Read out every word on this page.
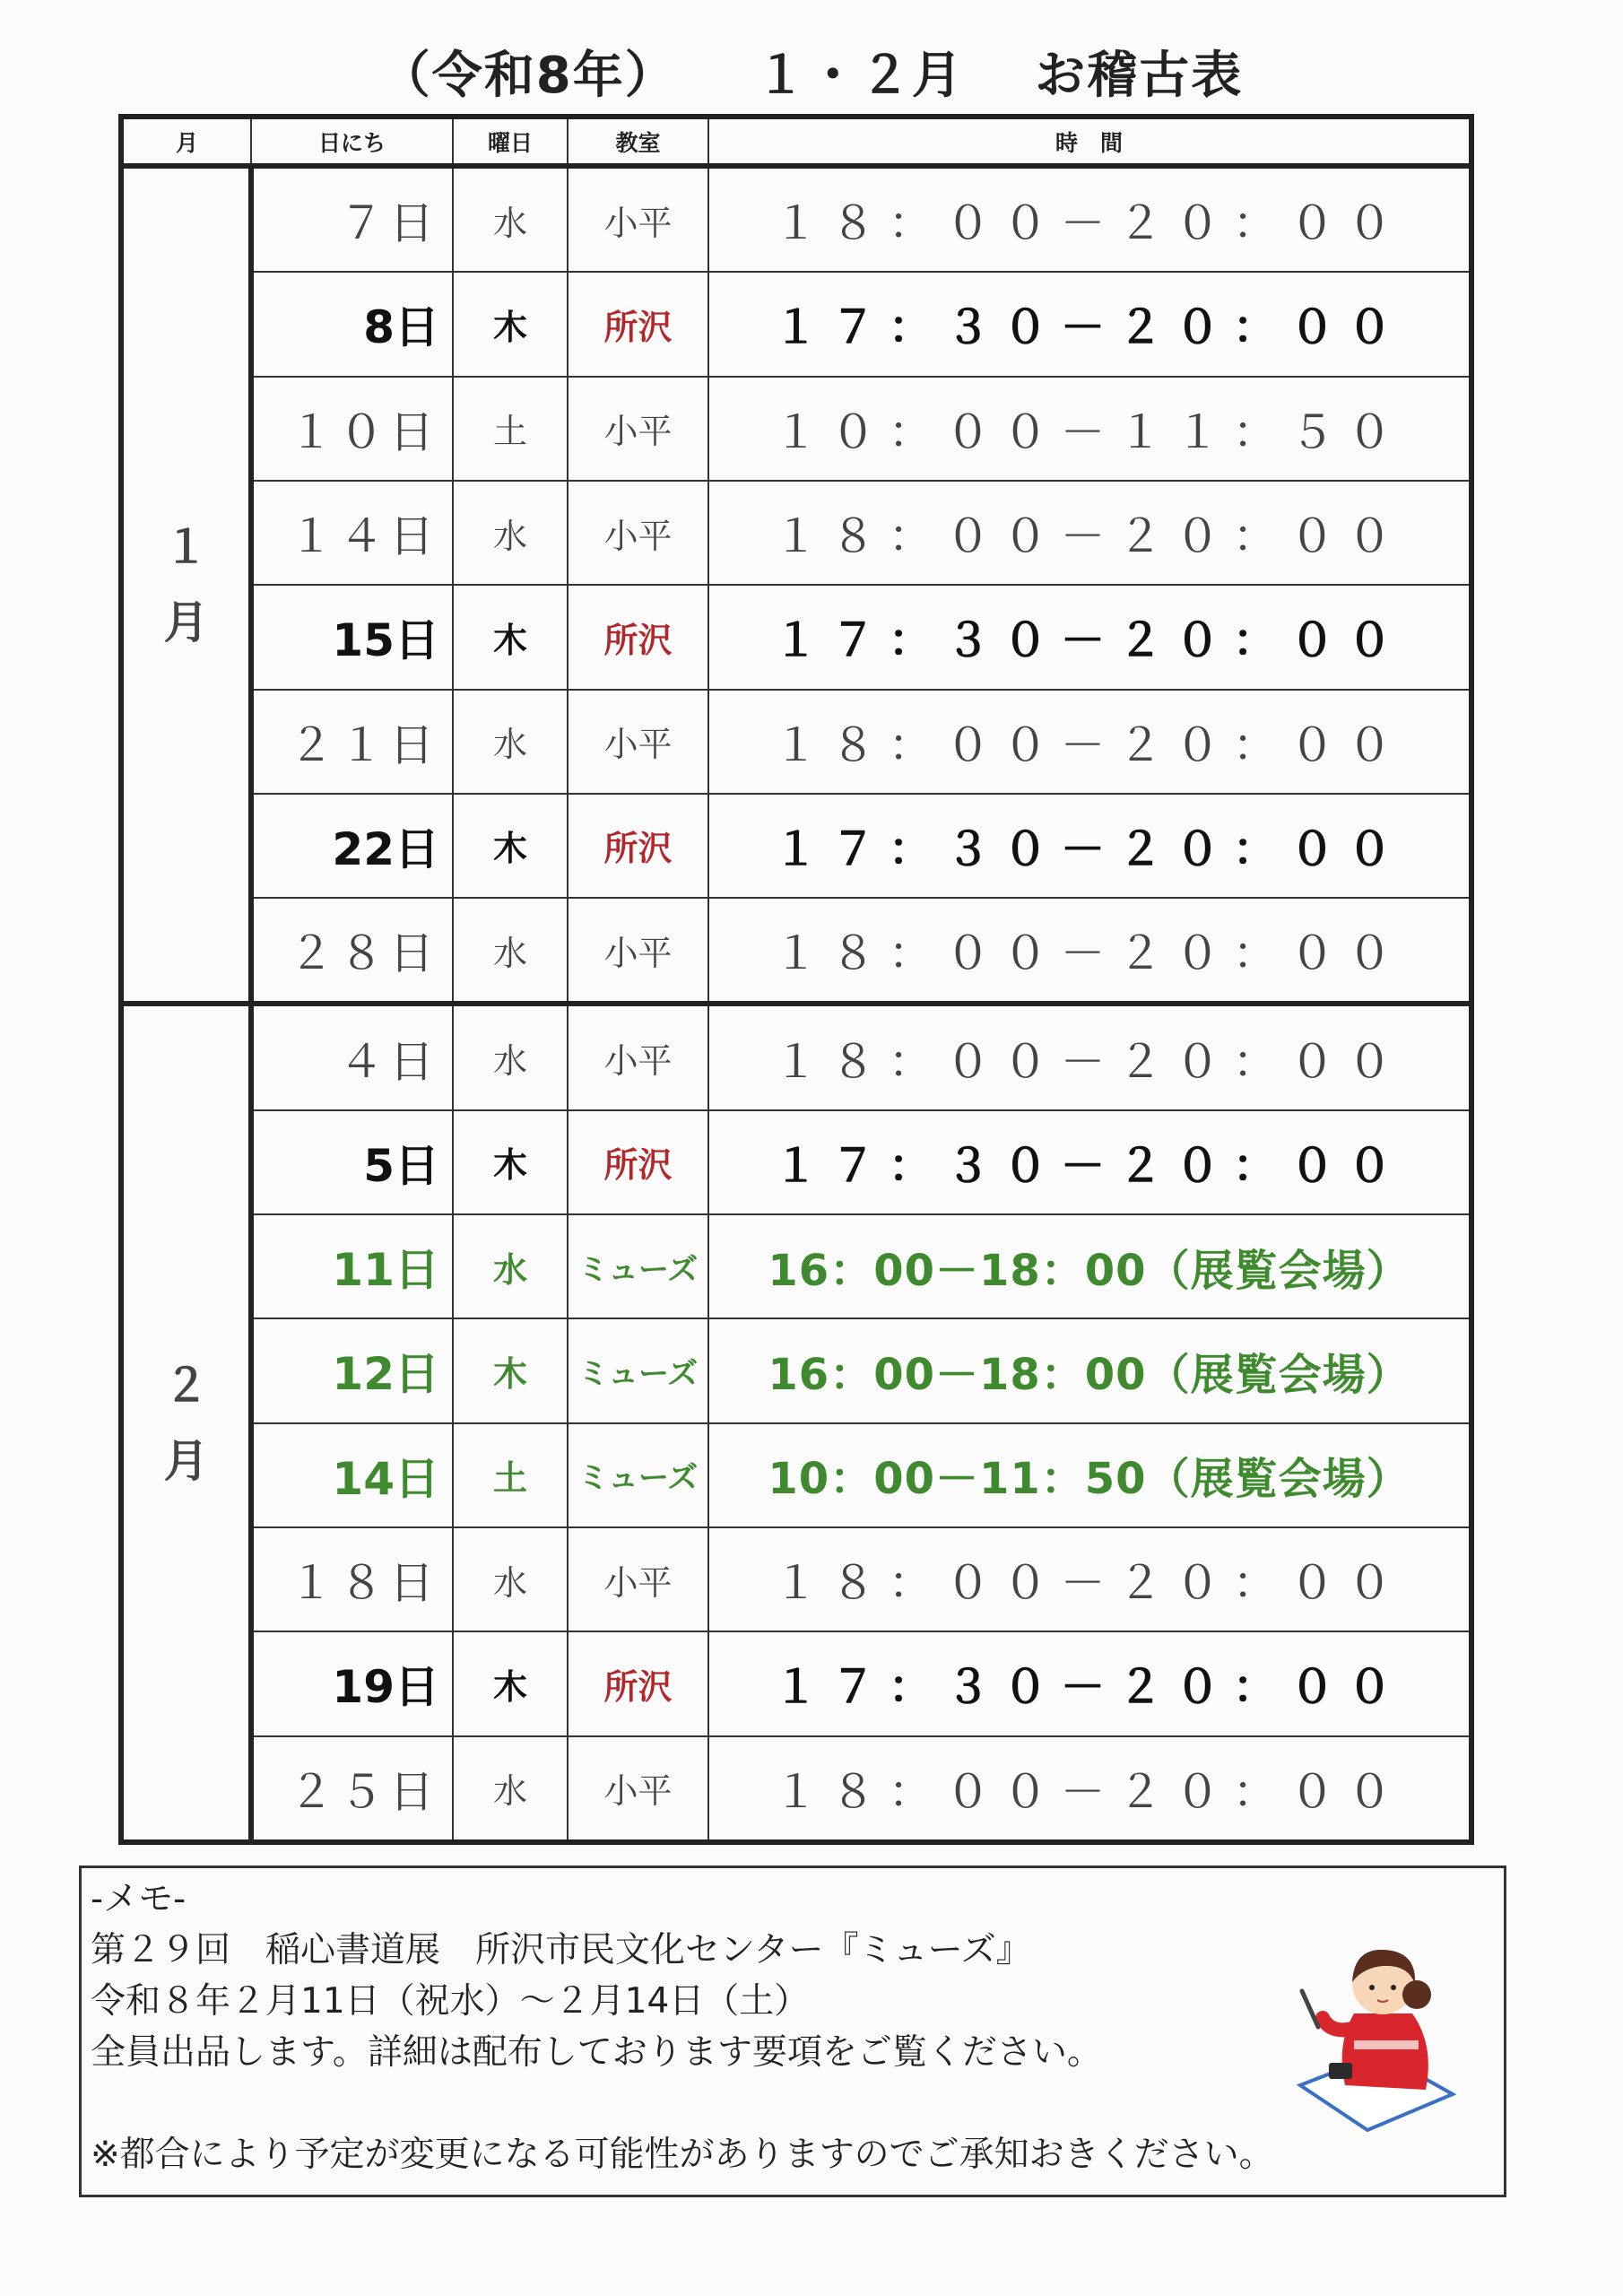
（令和8年）　　１・２月　 お稽古表
月	日にち	曜日	教室	時　間
１月	７日	水	小平	１８：００－２０：００
	8日	木	所沢	１７：３０－２０：００
	１０日	土	小平	１０：００－１１：５０
	１４日	水	小平	１８：００－２０：００
	15日	木	所沢	１７：３０－２０：００
	２１日	水	小平	１８：００－２０：００
	22日	木	所沢	１７：３０－２０：００
	２８日	水	小平	１８：００－２０：００
２月	４日	水	小平	１８：００－２０：００
	5日	木	所沢	１７：３０－２０：００
	11日	水	ミューズ	16：00－18：00（展覧会場）
	12日	木	ミューズ	16：00－18：00（展覧会場）
	14日	土	ミューズ	10：00－11：50（展覧会場）
	１８日	水	小平	１８：００－２０：００
	19日	木	所沢	１７：３０－２０：００
	２５日	水	小平	１８：００－２０：００
-メモ-
第２９回　稲心書道展　所沢市民文化センター『ミューズ』
令和８年２月11日（祝水）～２月14日（土）
全員出品します。詳細は配布しております要項をご覧ください。
※都合により予定が変更になる可能性がありますのでご承知おきください。
